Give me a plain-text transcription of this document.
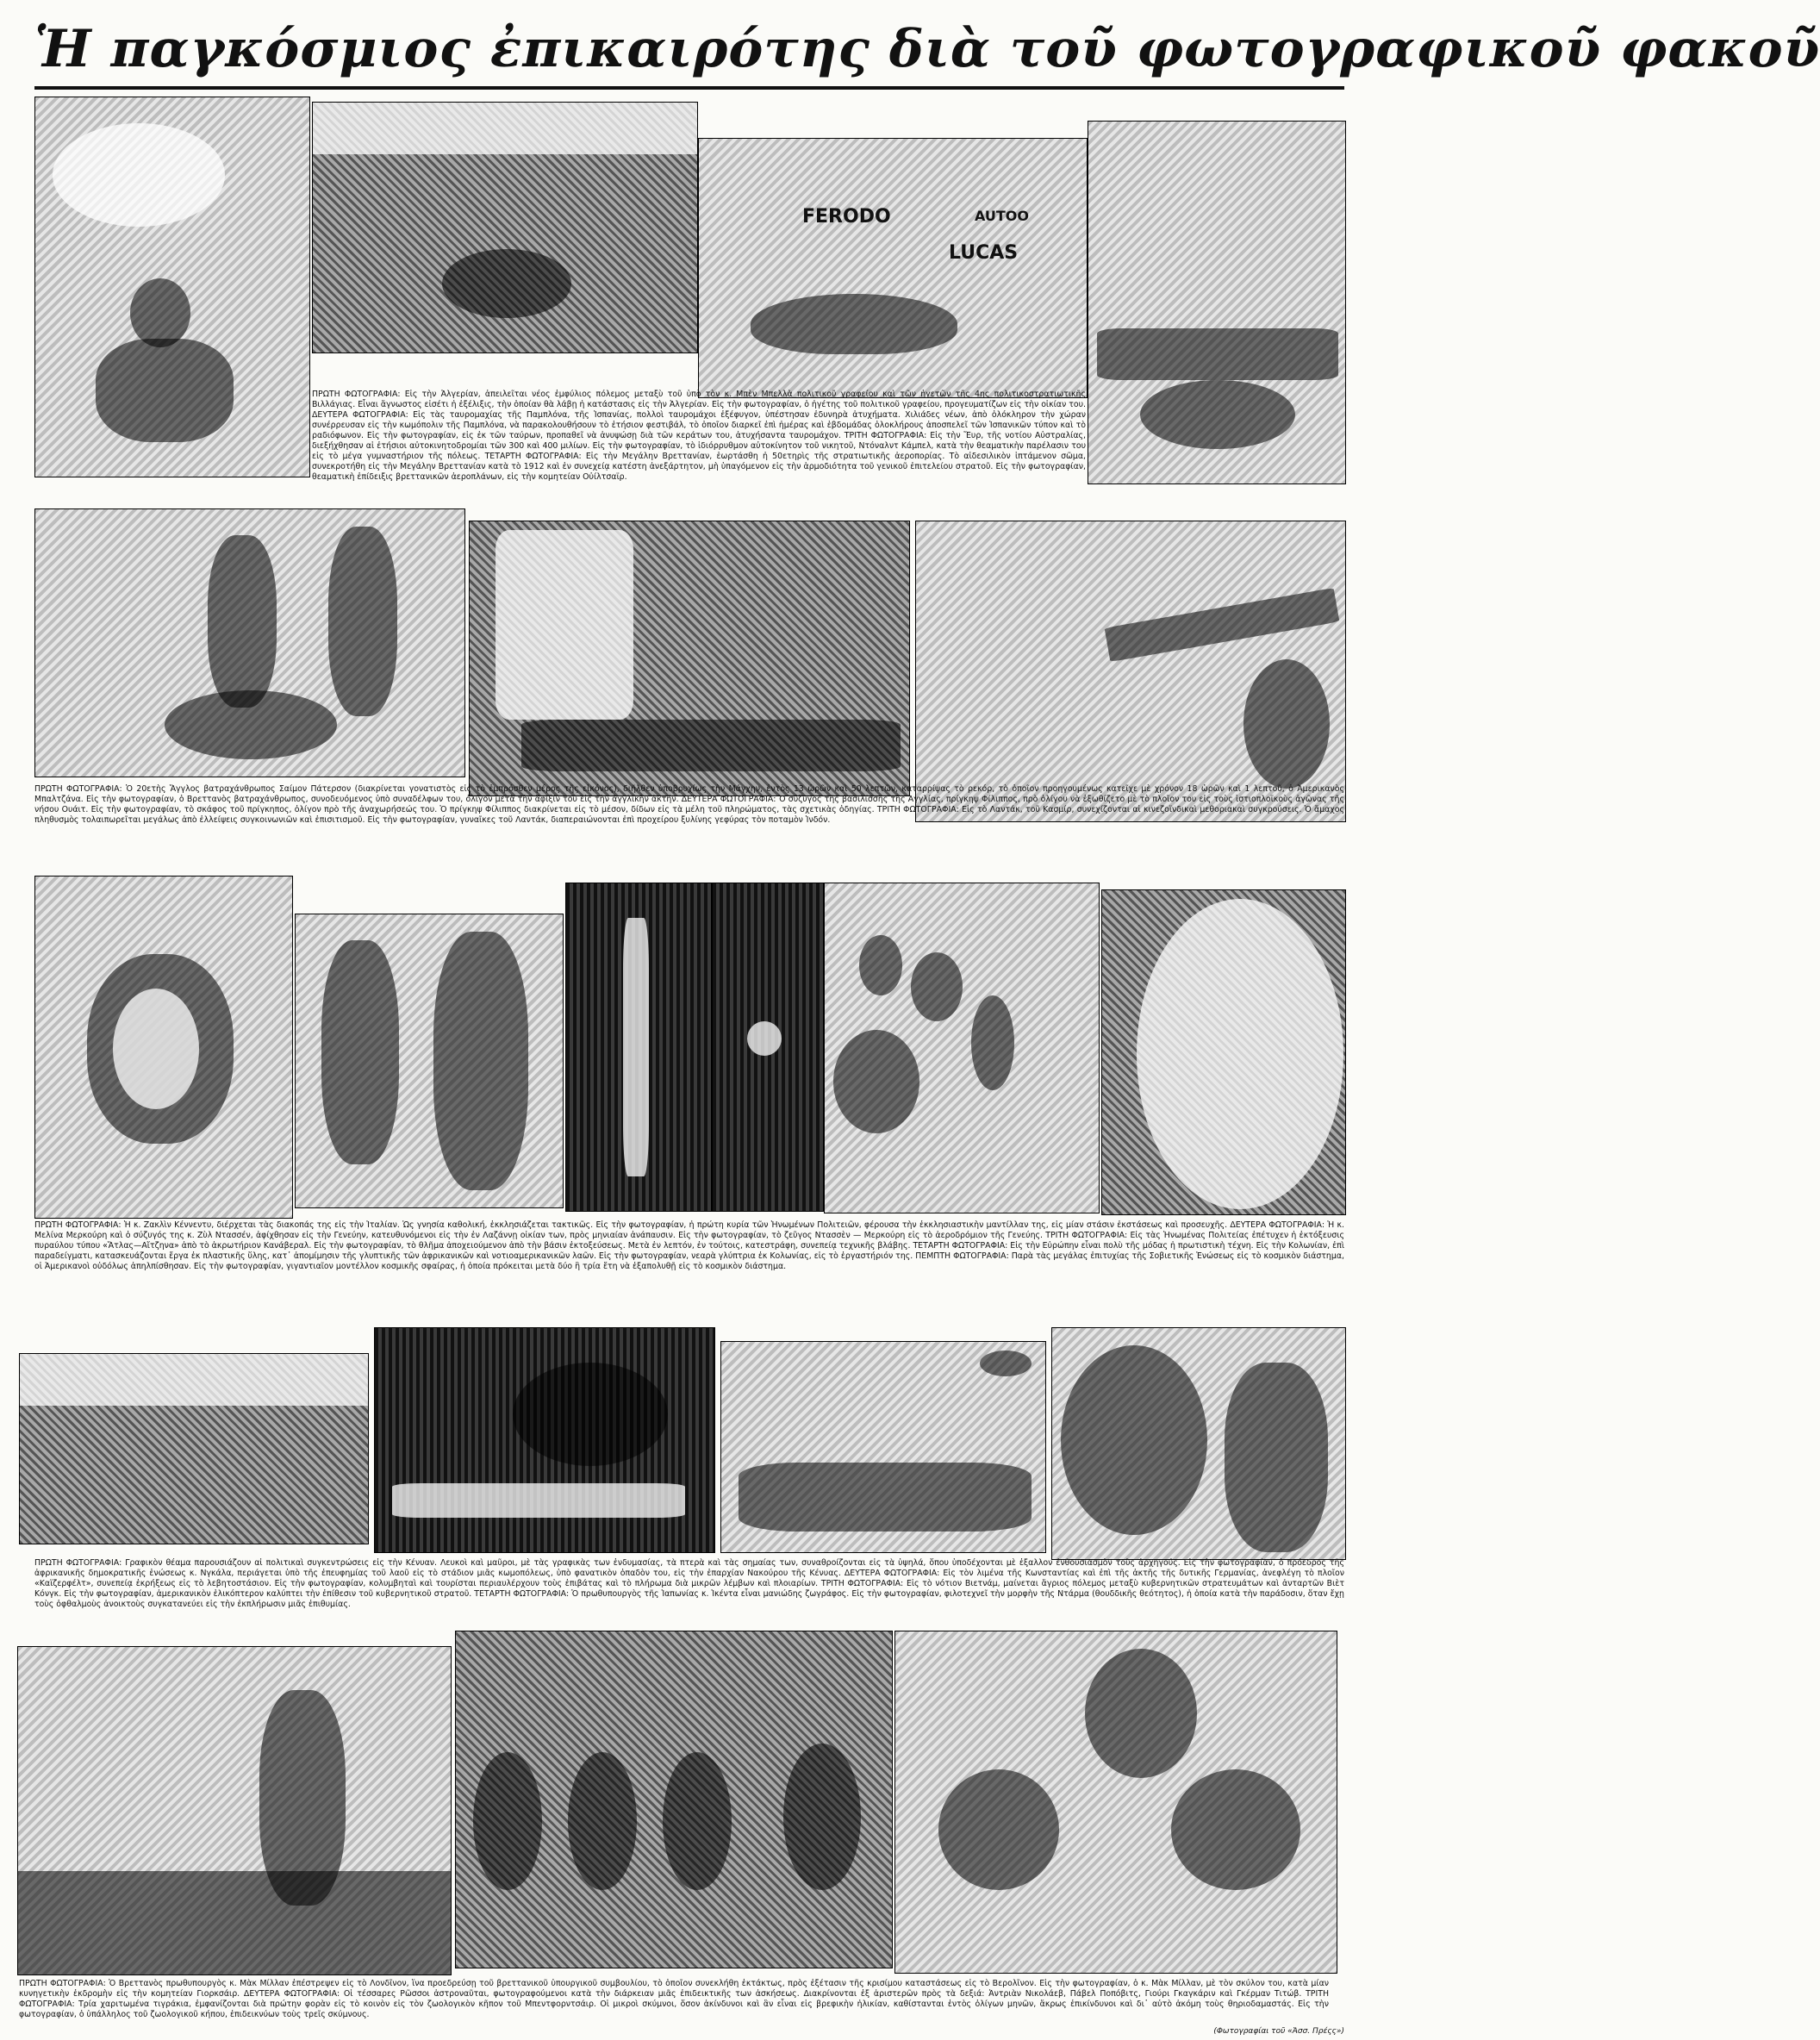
Ἡ παγκόσμιος ἐπικαιρότης διὰ τοῦ φωτογραφικοῦ φακοῦ
FERODO
LUCAS
AUTOO
ΠΡΩΤΗ ΦΩΤΟΓΡΑΦΙΑ: Εἰς τὴν Ἀλγερίαν, ἀπειλεῖται νέος ἐμφύλιος πόλεμος μεταξὺ τοῦ ὑπὸ τὸν κ. Μπὲν Μπελλὰ πολιτικοῦ γραφείου καὶ τῶν ἡγετῶν τῆς 4ης πολιτικοστρατιωτικῆς Βιλλάγιας. Εἶναι ἄγνωστος εἰσέτι ἡ ἐξέλιξις, τὴν ὁποίαν θὰ λάβῃ ἡ κατάστασις εἰς τὴν Ἀλγερίαν. Εἰς τὴν φωτογραφίαν, ὁ ἡγέτης τοῦ πολιτικοῦ γραφείου, προγευματίζων εἰς τὴν οἰκίαν του. ΔΕΥΤΕΡΑ ΦΩΤΟΓΡΑΦΙΑ: Εἰς τὰς ταυρομαχίας τῆς Παμπλόνα, τῆς Ἱσπανίας, πολλοὶ ταυρομάχοι ἐξέφυγον, ὑπέστησαν ἐδυνηρὰ ἀτυχήματα. Χιλιάδες νέων, ἀπὸ ὁλόκληρον τὴν χώραν συνέρρευσαν εἰς τὴν κωμόπολιν τῆς Παμπλόνα, νὰ παρακολουθήσουν τὸ ἐτήσιον φεστιβάλ, τὸ ὁποῖον διαρκεῖ ἐπὶ ἡμέρας καὶ ἑβδομάδας ὁλοκλήρους ἀποσπελεῖ τῶν Ἱσπανικῶν τύπον καὶ τὸ ραδιόφωνον. Εἰς τὴν φωτογραφίαν, εἰς ἐκ τῶν ταύρων, προπαθεῖ νὰ ἀνυψώσῃ διὰ τῶν κεράτων του, ἀτυχήσαντα ταυρομάχον. ΤΡΙΤΗ ΦΩΤΟΓΡΑΦΙΑ: Εἰς τὴν Ἔυρ, τῆς νοτίου Αὐστραλίας, διεξήχθησαν αἱ ἐτήσιοι αὐτοκινητοδρομίαι τῶν 300 καὶ 400 μιλίων. Εἰς τὴν φωτογραφίαν, τὸ ἰδιόρρυθμον αὐτοκίνητον τοῦ νικητοῦ, Ντόναλντ Κάμπελ, κατὰ τὴν θεαματικὴν παρέλασιν του εἰς τὸ μέγα γυμναστήριον τῆς πόλεως. ΤΕΤΑΡΤΗ ΦΩΤΟΓΡΑΦΙΑ: Εἰς τὴν Μεγάλην Βρεττανίαν, ἑωρτάσθη ἡ 50ετηρὶς τῆς στρατιωτικῆς ἀεροπορίας. Τὸ αἰδεσιλικὸν ἱπτάμενον σῶμα, συνεκροτήθη εἰς τὴν Μεγάλην Βρεττανίαν κατὰ τὸ 1912 καὶ ἐν συνεχείᾳ κατέστη ἀνεξάρτητον, μὴ ὑπαγόμενον εἰς τὴν ἁρμοδιότητα τοῦ γενικοῦ ἐπιτελείου στρατοῦ. Εἰς τὴν φωτογραφίαν, θεαματικὴ ἐπίδειξις βρεττανικῶν ἀεροπλάνων, εἰς τὴν κομητείαν Οὐίλτσαϊρ.
ΠΡΩΤΗ ΦΩΤΟΓΡΑΦΙΑ: Ὁ 20ετὴς Ἄγγλος βατραχάνθρωπος Σαίμον Πάτερσον (διακρίνεται γονατιστὸς εἰς τὸ ἐμπρόσθεν μέρος τῆς εἰκόνος), διῆλθεν ὑποβρυχίως τὴν Μάγχην, ἐντὸς 13 ὡρῶν καὶ 50 λεπτῶν, καταρρίψας τὸ ρεκόρ, τὸ ὁποῖον προηγουμένως κατεῖχε μὲ χρόνον 18 ὡρῶν καὶ 1 λεπτοῦ, ὁ Ἀμερικανὸς Μπαλτζάνα. Εἰς τὴν φωτογραφίαν, ὁ Βρεττανὸς βατραχάνθρωπος, συνοδευόμενος ὑπὸ συναδέλφων του, ὀλίγον μετὰ τὴν ἄφιξίν του εἰς τὴν ἀγγλικὴν ἀκτήν. ΔΕΥΤΕΡΑ ΦΩΤΟΓΡΑΦΙΑ: Ὁ σύζυγος τῆς βασιλίσσης τῆς Ἀγγλίας, πρίγκηψ Φίλιππος, πρὸ ὀλίγου νὰ ἐξωθίζετο μὲ τὸ πλοῖον του εἰς τοὺς ἱστιοπλοϊκοὺς ἀγῶνας τῆς νήσου Ουάιτ. Εἰς τὴν φωτογραφίαν, τὸ σκάφος τοῦ πρίγκηπος, ὀλίγον πρὸ τῆς ἀναχωρήσεώς του. Ὁ πρίγκηψ Φίλιππος διακρίνεται εἰς τὸ μέσον, δίδων εἰς τὰ μέλη τοῦ πληρώματος, τὰς σχετικὰς ὁδηγίας. ΤΡΙΤΗ ΦΩΤΟΓΡΑΦΙΑ: Εἰς τὸ Λαντάκ, τοῦ Κασμίρ, συνεχίζονται αἱ κινεζοϊνδικαὶ μεθοριακαὶ συγκρούσεις. Ὁ ἄμαχος πληθυσμὸς τολαιπωρεῖται μεγάλως ἀπὸ ἐλλείψεις συγκοινωνιῶν καὶ ἐπισιτισμοῦ. Εἰς τὴν φωτογραφίαν, γυναῖκες τοῦ Λαντάκ, διαπεραιώνονται ἐπὶ προχείρου ξυλίνης γεφύρας τὸν ποταμὸν Ἰνδόν.
ΠΡΩΤΗ ΦΩΤΟΓΡΑΦΙΑ: Ἡ κ. Ζακλὶν Κέννεντυ, διέρχεται τὰς διακοπάς της εἰς τὴν Ἰταλίαν. Ὡς γνησία καθολική, ἐκκλησιάζεται τακτικῶς. Εἰς τὴν φωτογραφίαν, ἡ πρώτη κυρία τῶν Ἡνωμένων Πολιτειῶν, φέρουσα τὴν ἐκκλησιαστικὴν μαντίλλαν της, εἰς μίαν στάσιν ἐκστάσεως καὶ προσευχῆς. ΔΕΥΤΕΡΑ ΦΩΤΟΓΡΑΦΙΑ: Ἡ κ. Μελίνα Μερκούρη καὶ ὁ σύζυγός της κ. Ζὺλ Ντασσέν, ἀφίχθησαν εἰς τὴν Γενεύην, κατευθυνόμενοι εἰς τὴν ἐν Λαζάννῃ οἰκίαν των, πρὸς μηνιαίαν ἀνάπαυσιν. Εἰς τὴν φωτογραφίαν, τὸ ζεῦγος Ντασσὲν — Μερκούρη εἰς τὸ ἀεροδρόμιον τῆς Γενεύης. ΤΡΙΤΗ ΦΩΤΟΓΡΑΦΙΑ: Εἰς τὰς Ἡνωμένας Πολιτείας ἐπέτυχεν ἡ ἐκτόξευσις πυραύλου τύπου «Ἄτλας—Αἴτζηνα» ἀπὸ τὸ ἀκρωτήριον Κανάβεραλ. Εἰς τὴν φωτογραφίαν, τὸ θλῆμα ἀποχειούμενον ἀπὸ τὴν βάσιν ἐκτοξεύσεως. Μετὰ ἐν λεπτόν, ἐν τούτοις, κατεστράφη, συνεπείᾳ τεχνικῆς βλάβης. ΤΕΤΑΡΤΗ ΦΩΤΟΓΡΑΦΙΑ: Εἰς τὴν Εὐρώπην εἶναι πολὺ τῆς μόδας ἡ πρωτιστικὴ τέχνη. Εἰς τὴν Κολωνίαν, ἐπὶ παραδείγματι, κατασκευάζονται ἔργα ἐκ πλαστικῆς ὕλης, κατ᾽ ἀπομίμησιν τῆς γλυπτικῆς τῶν ἀφρικανικῶν καὶ νοτιοαμερικανικῶν λαῶν. Εἰς τὴν φωτογραφίαν, νεαρὰ γλύπτρια ἐκ Κολωνίας, εἰς τὸ ἐργαστήριόν της. ΠΕΜΠΤΗ ΦΩΤΟΓΡΑΦΙΑ: Παρὰ τὰς μεγάλας ἐπιτυχίας τῆς Σοβιετικῆς Ἑνώσεως εἰς τὸ κοσμικὸν διάστημα, οἱ Ἀμερικανοὶ οὐδόλως ἀπηλπίσθησαν. Εἰς τὴν φωτογραφίαν, γιγαντιαῖον μοντέλλον κοσμικῆς σφαίρας, ἡ ὁποία πρόκειται μετὰ δύο ἢ τρία ἔτη νὰ ἐξαπολυθῇ εἰς τὸ κοσμικὸν διάστημα.
ΠΡΩΤΗ ΦΩΤΟΓΡΑΦΙΑ: Γραφικὸν θέαμα παρουσιάζουν αἱ πολιτικαὶ συγκεντρώσεις εἰς τὴν Κένυαν. Λευκοὶ καὶ μαῦροι, μὲ τὰς γραφικὰς των ἐνδυμασίας, τὰ πτερὰ καὶ τὰς σημαίας των, συναθροίζονται εἰς τὰ ὑψηλά, ὅπου ὑποδέχονται μὲ ἐξαλλον ἐνθουσιασμὸν τοὺς ἀρχηγούς. Εἰς τὴν φωτογραφίαν, ὁ πρόεδρος τῆς ἀφρικανικῆς δημοκρατικῆς ἑνώσεως κ. Νγκάλα, περιάγεται ὑπὸ τῆς ἐπευφημίας τοῦ λαοῦ εἰς τὸ στάδιον μιᾶς κωμοπόλεως, ὑπὸ φανατικὸν ὁπαδὸν του, εἰς τὴν ἐπαρχίαν Νακούρου τῆς Κένυας. ΔΕΥΤΕΡΑ ΦΩΤΟΓΡΑΦΙΑ: Εἰς τὸν λιμένα τῆς Κωνσταντίας καὶ ἐπὶ τῆς ἀκτῆς τῆς δυτικῆς Γερμανίας, ἀνεφλέγη τὸ πλοῖον «Καϊζερφέλτ», συνεπείᾳ ἐκρήξεως εἰς τὸ λεβητοστάσιον. Εἰς τὴν φωτογραφίαν, κολυμβηταὶ καὶ τουρίσται περιαυλέρχουν τοὺς ἐπιβάτας καὶ τὸ πλήρωμα διὰ μικρῶν λέμβων καὶ πλοιαρίων. ΤΡΙΤΗ ΦΩΤΟΓΡΑΦΙΑ: Εἰς τὸ νότιον Βιετνάμ, μαίνεται ἄγριος πόλεμος μεταξὺ κυβερνητικῶν στρατευμάτων καὶ ἀνταρτῶν Βιὲτ Κόνγκ. Εἰς τὴν φωτογραφίαν, ἀμερικανικὸν ἑλικόπτερον καλύπτει τὴν ἐπίθεσιν τοῦ κυβερνητικοῦ στρατοῦ. ΤΕΤΑΡΤΗ ΦΩΤΟΓΡΑΦΙΑ: Ὁ πρωθυπουργὸς τῆς Ἰαπωνίας κ. Ἰκέντα εἶναι μανιώδης ζωγράφος. Εἰς τὴν φωτογραφίαν, φιλοτεχνεῖ τὴν μορφὴν τῆς Ντάρμα (θουδδικῆς θεότητος), ἡ ὁποία κατὰ τὴν παράδοσιν, ὅταν ἔχῃ τοὺς ὀφθαλμοὺς ἀνοικτοὺς συγκατανεύει εἰς τὴν ἐκπλήρωσιν μιᾶς ἐπιθυμίας.
ΠΡΩΤΗ ΦΩΤΟΓΡΑΦΙΑ: Ὁ Βρεττανὸς πρωθυπουργὸς κ. Μὰκ Μίλλαν ἐπέστρεψεν εἰς τὸ Λονδῖνον, ἵνα προεδρεύσῃ τοῦ βρεττανικοῦ ὑπουργικοῦ συμβουλίου, τὸ ὁποῖον συνεκλήθη ἐκτάκτως, πρὸς ἐξέτασιν τῆς κρισίμου καταστάσεως εἰς τὸ Βερολῖνον. Εἰς τὴν φωτογραφίαν, ὁ κ. Μὰκ Μίλλαν, μὲ τὸν σκύλον του, κατὰ μίαν κυνηγετικὴν ἐκδρομὴν εἰς τὴν κομητείαν Γιορκσάιρ. ΔΕΥΤΕΡΑ ΦΩΤΟΓΡΑΦΙΑ: Οἱ τέσσαρες Ρῶσσοι ἀστροναῦται, φωτογραφούμενοι κατὰ τὴν διάρκειαν μιᾶς ἐπιδεικτικῆς των ἀσκήσεως. Διακρίνονται ἐξ ἀριστερῶν πρὸς τὰ δεξιά: Ἀντριὰν Νικολάεβ, Πάβελ Ποπόβιτς, Γιούρι Γκαγκάριν καὶ Γκέρμαν Τιτώβ. ΤΡΙΤΗ ΦΩΤΟΓΡΑΦΙΑ: Τρία χαριτωμένα τιγράκια, ἐμφανίζονται διὰ πρώτην φορὰν εἰς τὸ κοινὸν εἰς τὸν ζωολογικὸν κῆπον τοῦ Μπεντφορντσάιρ. Οἱ μικροὶ σκύμνοι, ὅσον ἀκίνδυνοι καὶ ἂν εἶναι εἰς βρεφικὴν ἡλικίαν, καθίστανται ἐντὸς ὀλίγων μηνῶν, ἄκρως ἐπικίνδυνοι καὶ δι᾽ αὐτὸ ἀκόμη τοὺς θηριοδαμαστάς. Εἰς τὴν φωτογραφίαν, ὁ ὑπάλληλος τοῦ ζωολογικοῦ κήπου, ἐπιδεικνύων τοὺς τρεῖς σκύμνους.
(Φωτογραφίαι τοῦ «Ἀσσ. Πρέςς»)
